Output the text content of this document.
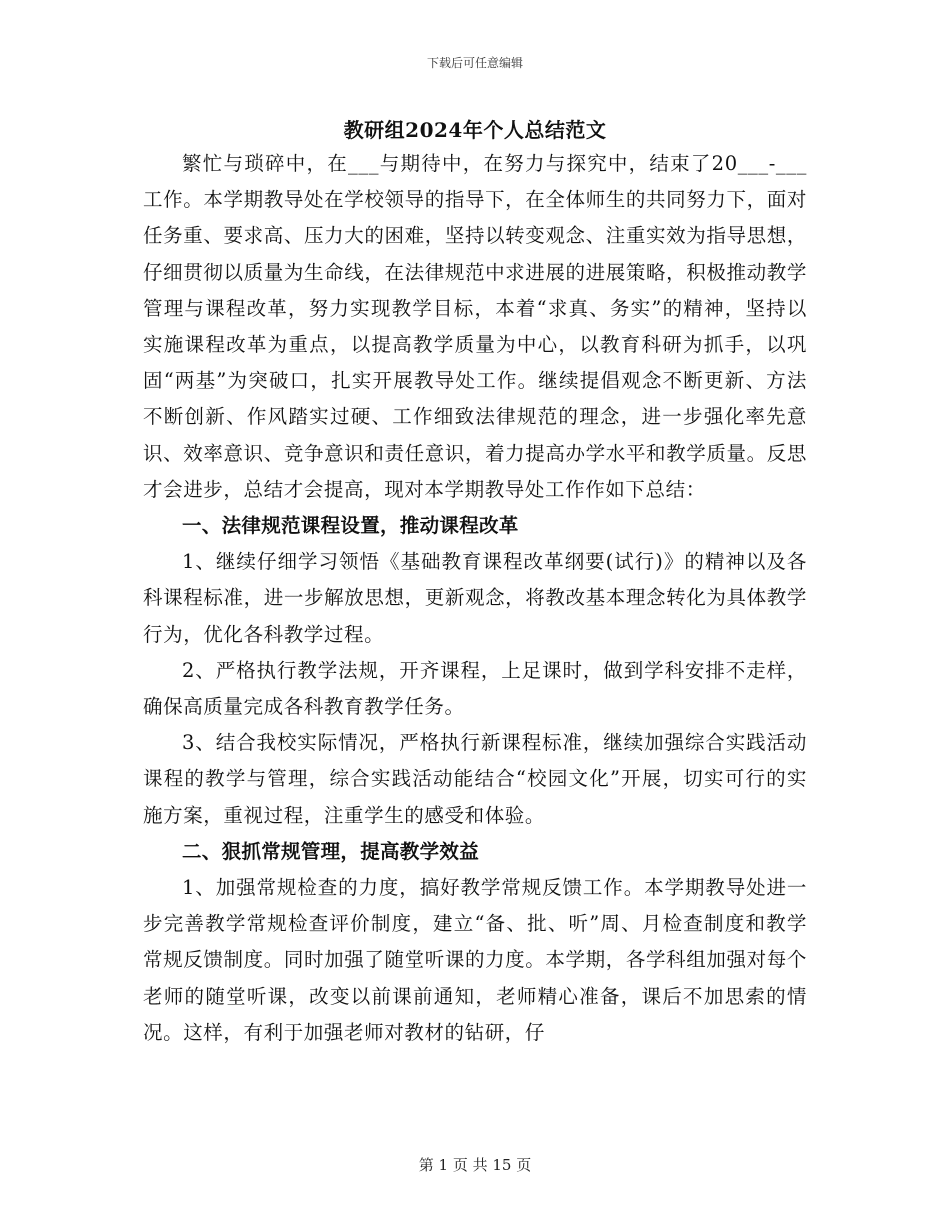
下载后可任意编辑
教研组2024年个人总结范文

繁忙与琐碎中，在___与期待中，在努力与探究中，结束了20___-___工作。本学期教导处在学校领导的指导下，在全体师生的共同努力下，面对任务重、要求高、压力大的困难，坚持以转变观念、注重实效为指导思想，仔细贯彻以质量为生命线，在法律规范中求进展的进展策略，积极推动教学管理与课程改革，努力实现教学目标，本着“求真、务实”的精神，坚持以实施课程改革为重点，以提高教学质量为中心，以教育科研为抓手，以巩固“两基”为突破口，扎实开展教导处工作。继续提倡观念不断更新、方法不断创新、作风踏实过硬、工作细致法律规范的理念，进一步强化率先意识、效率意识、竞争意识和责任意识，着力提高办学水平和教学质量。反思才会进步，总结才会提高，现对本学期教导处工作作如下总结：

一、法律规范课程设置，推动课程改革

1、继续仔细学习领悟《基础教育课程改革纲要(试行)》的精神以及各科课程标准，进一步解放思想，更新观念，将教改基本理念转化为具体教学行为，优化各科教学过程。

2、严格执行教学法规，开齐课程，上足课时，做到学科安排不走样，确保高质量完成各科教育教学任务。

3、结合我校实际情况，严格执行新课程标准，继续加强综合实践活动课程的教学与管理，综合实践活动能结合“校园文化”开展，切实可行的实施方案，重视过程，注重学生的感受和体验。

二、狠抓常规管理，提高教学效益

1、加强常规检查的力度，搞好教学常规反馈工作。本学期教导处进一步完善教学常规检查评价制度，建立“备、批、听”周、月检查制度和教学常规反馈制度。同时加强了随堂听课的力度。本学期，各学科组加强对每个老师的随堂听课，改变以前课前通知，老师精心准备，课后不加思索的情况。这样，有利于加强老师对教材的钻研，仔

第 1 页 共 15 页
